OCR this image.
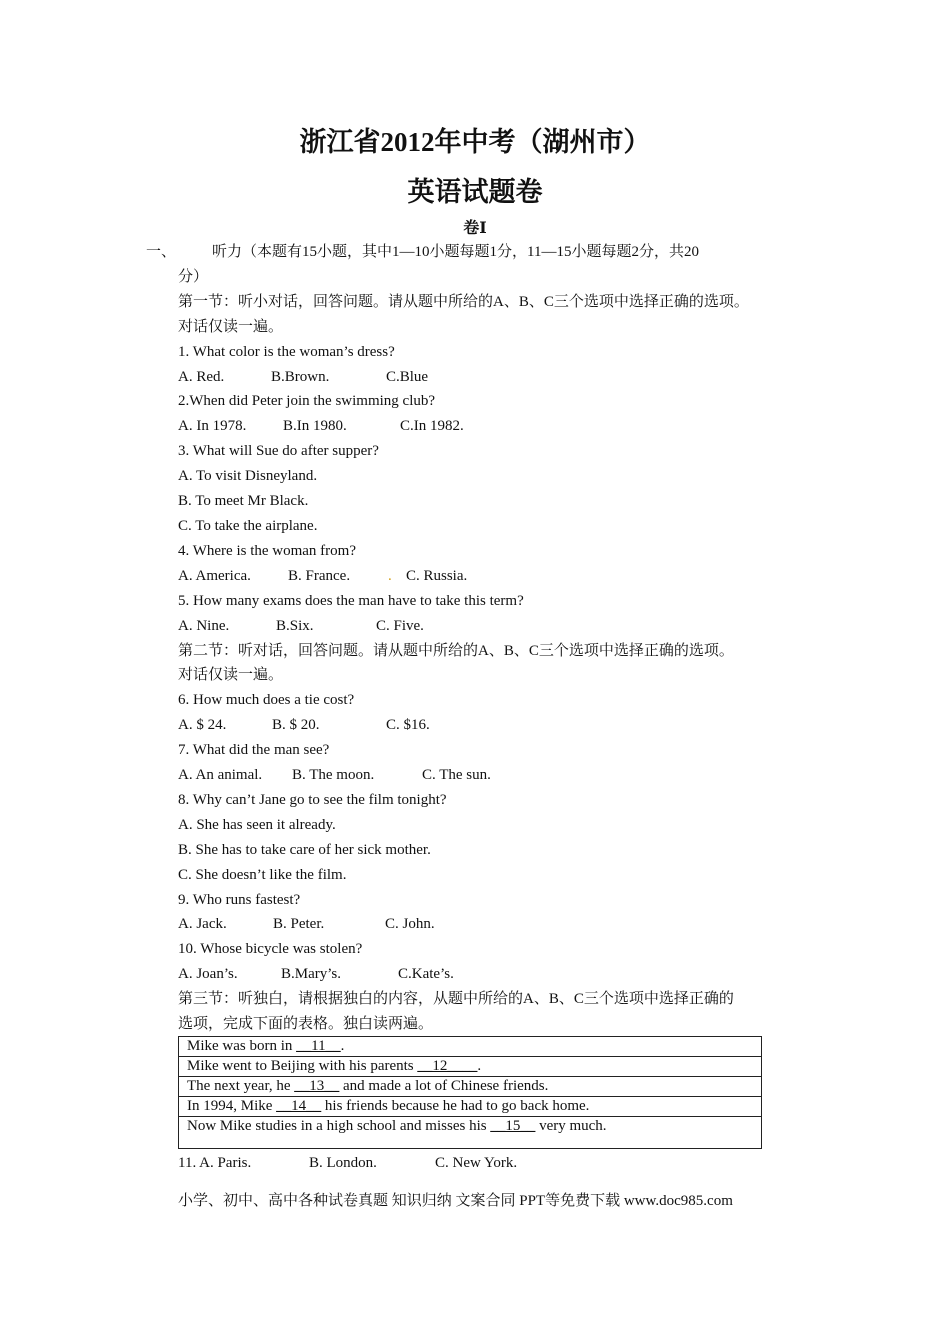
浙江省2012年中考（湖州市）
英语试题卷
卷Ⅰ
一、	听力（本题有15小题，其中1—10小题每题1分，11—15小题每题2分，共20
分）
第一节：听小对话，回答问题。请从题中所给的A、B、C三个选项中选择正确的选项。
对话仅读一遍。
1. What color is the woman’s dress?
A. Red.	B.Brown.	C.Blue
2.When did Peter join the swimming club?
A. In 1978. B.In 1980.	C.In 1982.
3. What will Sue do after supper?
A. To visit Disneyland.
B. To meet Mr Black.
C. To take the airplane.
4. Where is the woman from?
A. America. B. France.	. C. Russia.
5. How many exams does the man have to take this term?
A. Nine.	B.Six.	C. Five.
第二节：听对话，回答问题。请从题中所给的A、B、C三个选项中选择正确的选项。
对话仅读一遍。
6. How much does a tie cost?
A. $ 24.	B. $ 20.	C. $16.
7. What did the man see?
A. An animal. B. The moon.	C. The sun.
8. Why can’t Jane go to see the film tonight?
A. She has seen it already.
B. She has to take care of her sick mother.
C. She doesn’t like the film.
9. Who runs fastest?
A. Jack.	B. Peter.	C. John.
10. Whose bicycle was stolen?
A. Joan’s.	B.Mary’s.	C.Kate’s.
第三节：听独白，请根据独白的内容，从题中所给的A、B、C三个选项中选择正确的
选项，完成下面的表格。独白读两遍。
Mike was born in __11__.
Mike went to Beijing with his parents __12____.
The next year, he __13__ and made a lot of Chinese friends.
In 1994, Mike __14__ his friends because he had to go back home.
Now Mike studies in a high school and misses his __15__ very much.
11. A. Paris.	B. London.	C. New York.
小学、初中、高中各种试卷真题 知识归纳 文案合同 PPT等免费下载 www.doc985.com
